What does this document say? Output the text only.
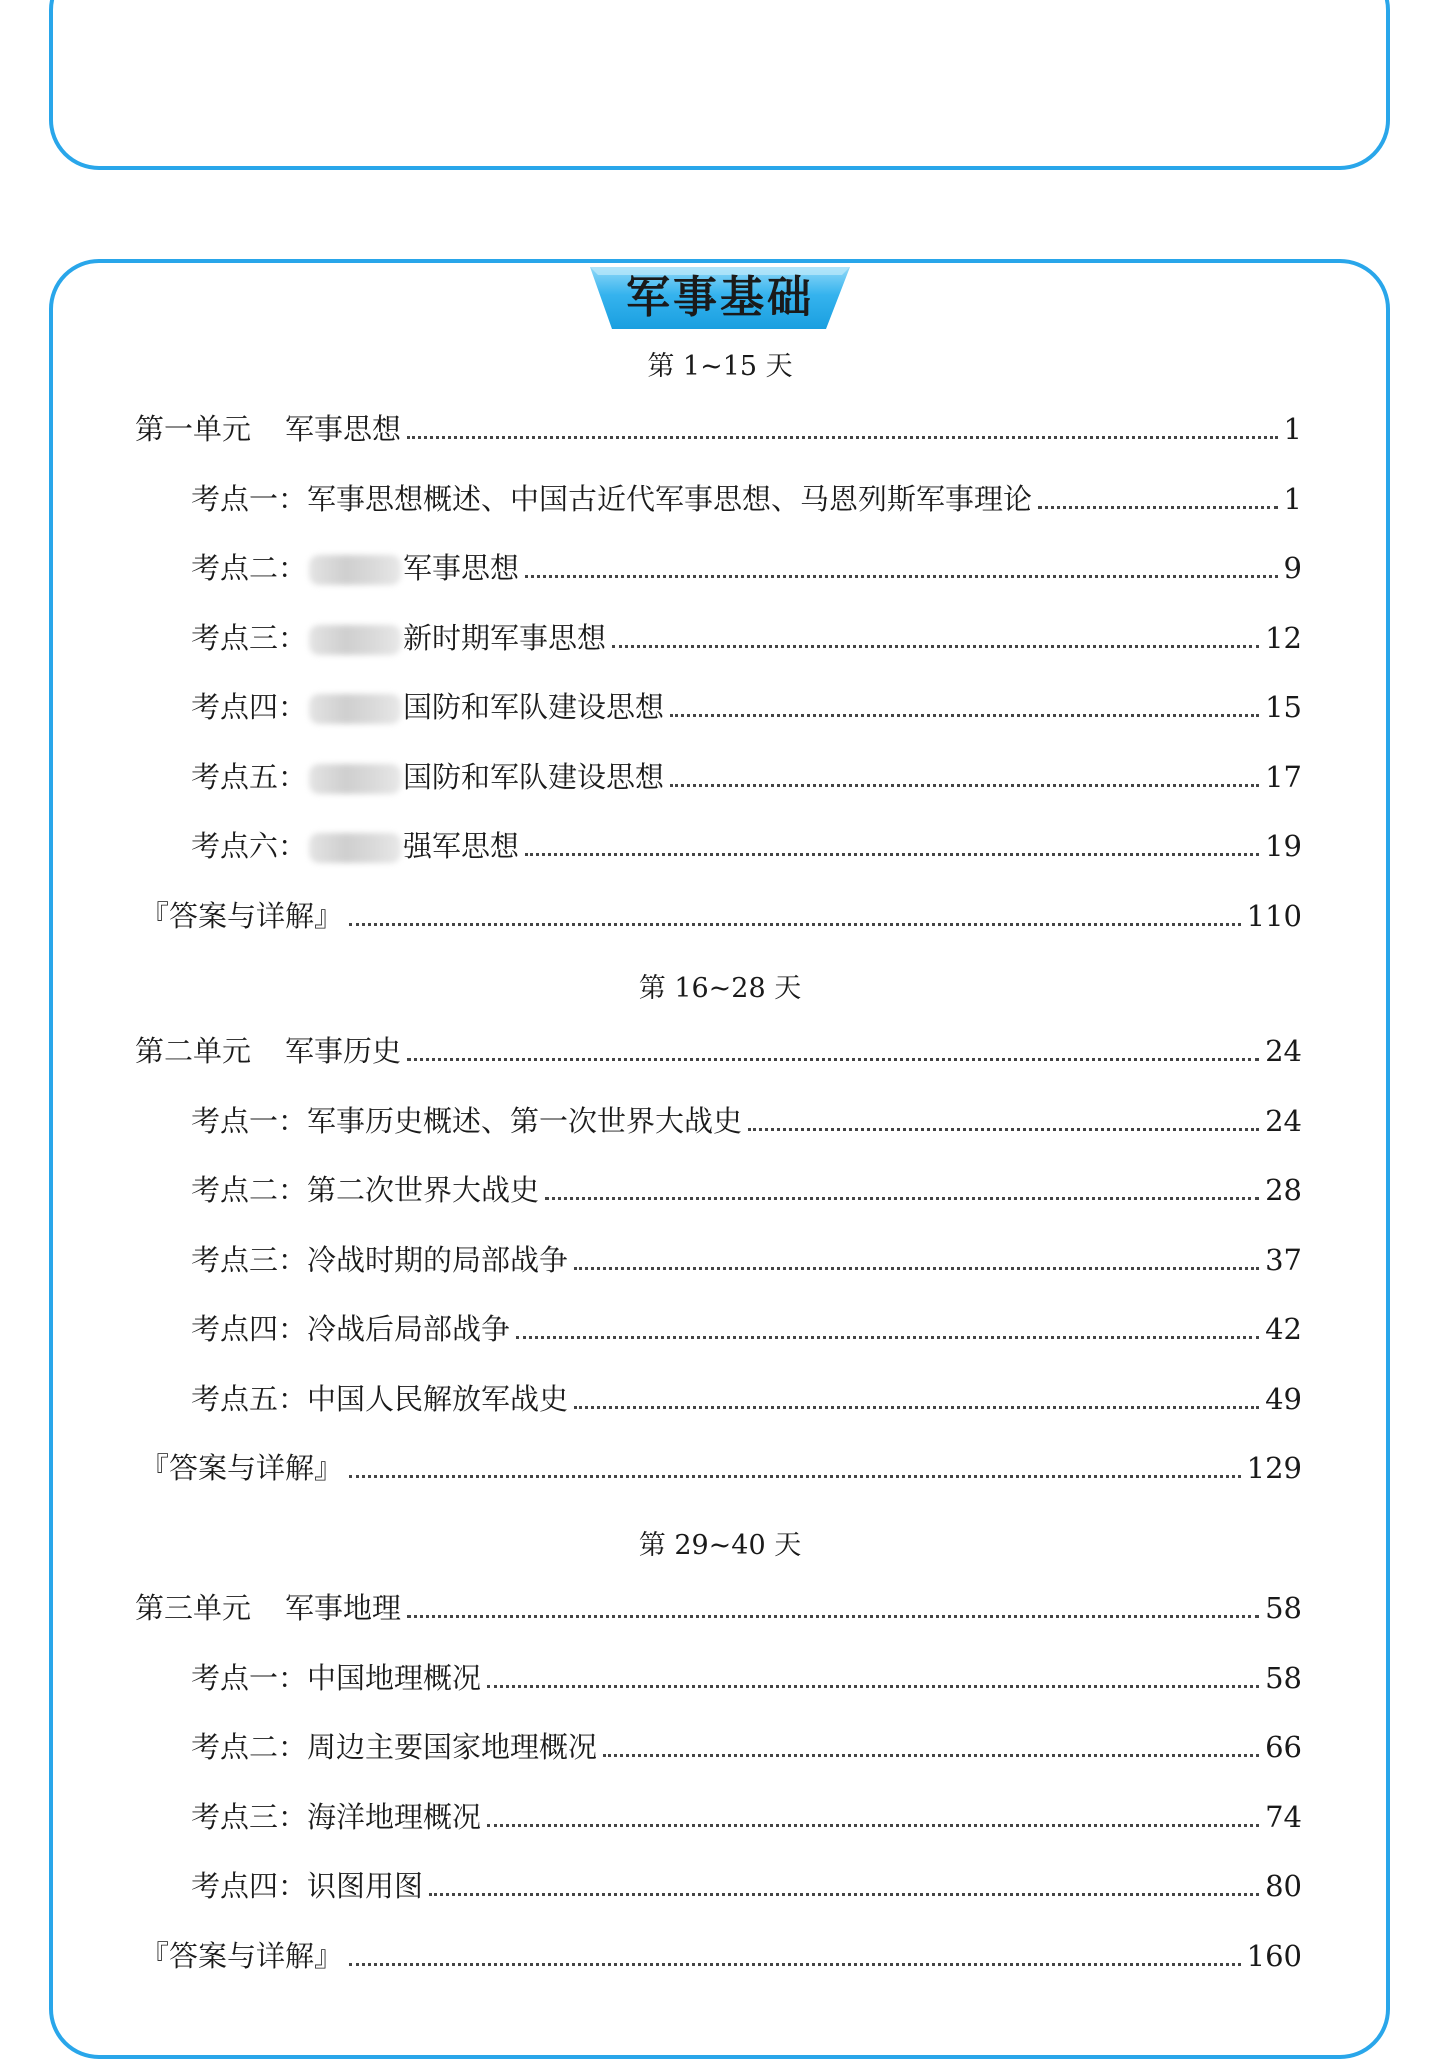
军事基础
第 1~15 天
第一单元 军事思想	1
考点一：军事思想概述、中国古近代军事思想、马恩列斯军事理论	1
考点二：	军事思想	9
考点三：	新时期军事思想	12
考点四：	国防和军队建设思想	15
考点五：	国防和军队建设思想	17
考点六：	强军思想	19
『答案与详解』	110
第 16~28 天
第二单元 军事历史	24
考点一：军事历史概述、第一次世界大战史	24
考点二：第二次世界大战史	28
考点三：冷战时期的局部战争	37
考点四：冷战后局部战争	42
考点五：中国人民解放军战史	49
『答案与详解』	129
第 29~40 天
第三单元 军事地理	58
考点一：中国地理概况	58
考点二：周边主要国家地理概况	66
考点三：海洋地理概况	74
考点四：识图用图	80
『答案与详解』	160
